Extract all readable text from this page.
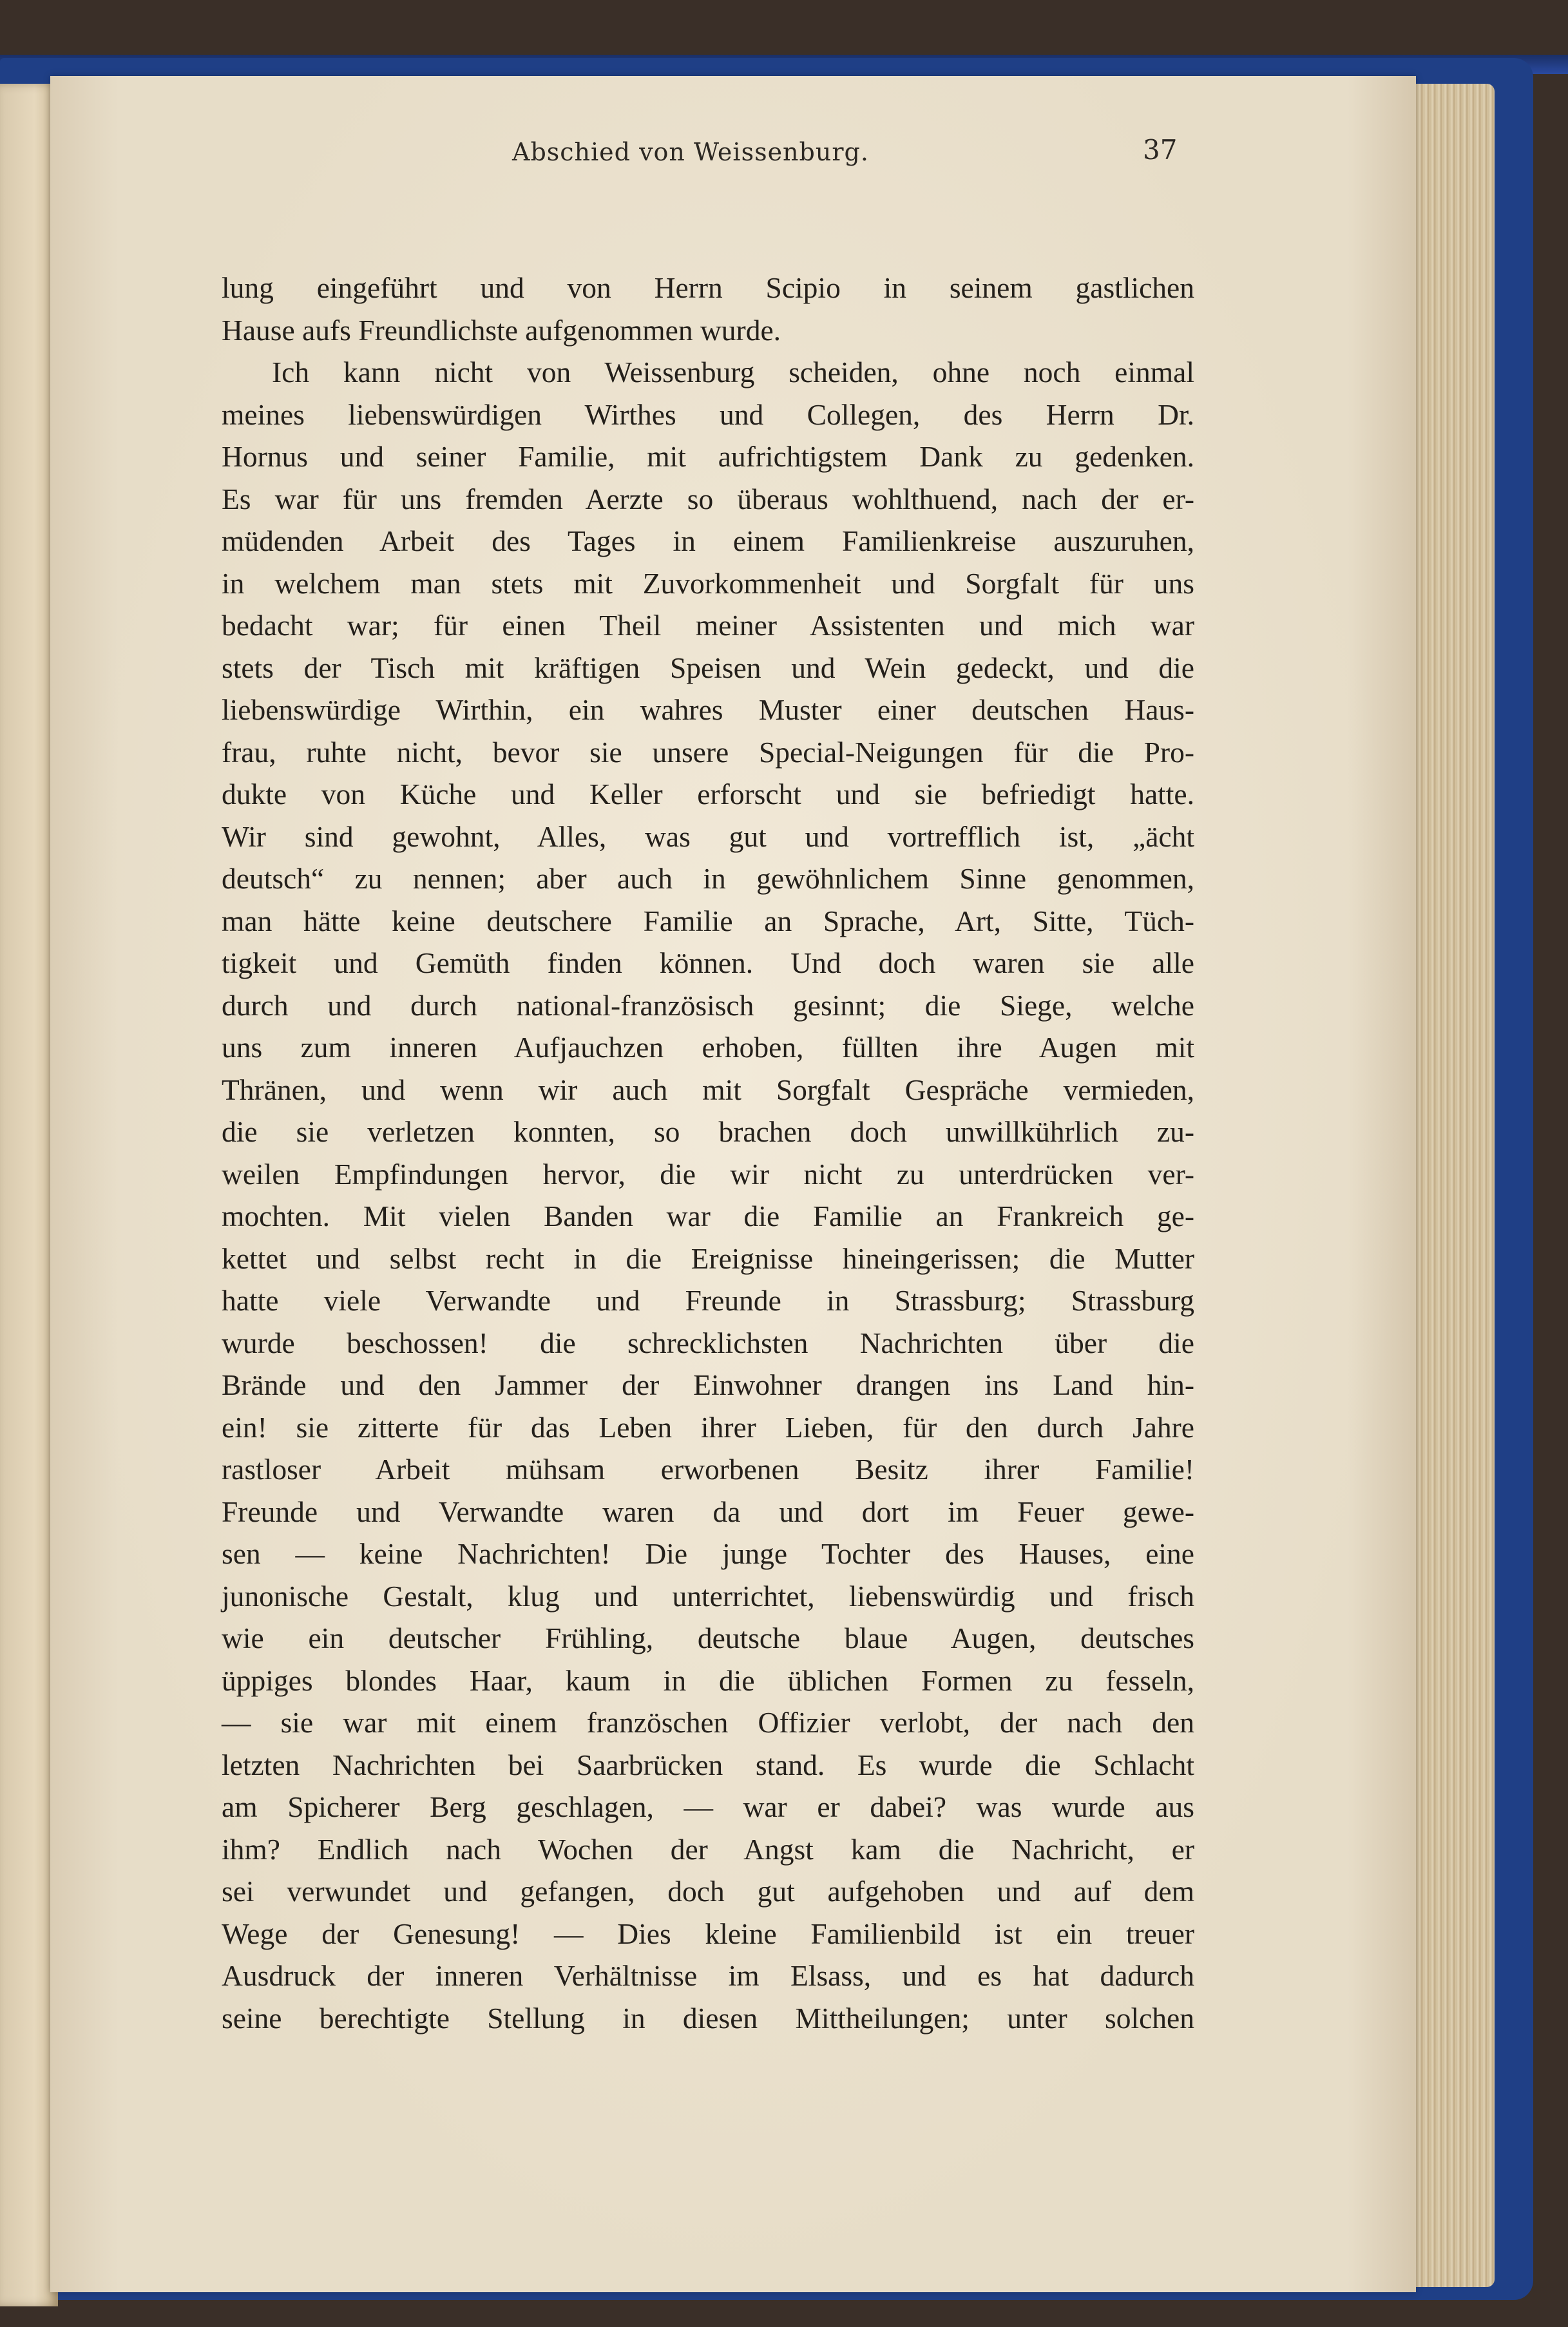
Abschied von Weissenburg.	37
lung eingeführt und von Herrn Scipio in seinem gastlichen
Hause aufs Freundlichste aufgenommen wurde.
Ich kann nicht von Weissenburg scheiden, ohne noch einmal
meines liebenswürdigen Wirthes und Collegen, des Herrn Dr.
Hornus und seiner Familie, mit aufrichtigstem Dank zu gedenken.
Es war für uns fremden Aerzte so überaus wohlthuend, nach der er-
müdenden Arbeit des Tages in einem Familienkreise auszuruhen,
in welchem man stets mit Zuvorkommenheit und Sorgfalt für uns
bedacht war; für einen Theil meiner Assistenten und mich war
stets der Tisch mit kräftigen Speisen und Wein gedeckt, und die
liebenswürdige Wirthin, ein wahres Muster einer deutschen Haus-
frau, ruhte nicht, bevor sie unsere Special-Neigungen für die Pro-
dukte von Küche und Keller erforscht und sie befriedigt hatte.
Wir sind gewohnt, Alles, was gut und vortrefflich ist, „ächt
deutsch“ zu nennen; aber auch in gewöhnlichem Sinne genommen,
man hätte keine deutschere Familie an Sprache, Art, Sitte, Tüch-
tigkeit und Gemüth finden können. Und doch waren sie alle
durch und durch national-französisch gesinnt; die Siege, welche
uns zum inneren Aufjauchzen erhoben, füllten ihre Augen mit
Thränen, und wenn wir auch mit Sorgfalt Gespräche vermieden,
die sie verletzen konnten, so brachen doch unwillkührlich zu-
weilen Empfindungen hervor, die wir nicht zu unterdrücken ver-
mochten. Mit vielen Banden war die Familie an Frankreich ge-
kettet und selbst recht in die Ereignisse hineingerissen; die Mutter
hatte viele Verwandte und Freunde in Strassburg; Strassburg
wurde beschossen! die schrecklichsten Nachrichten über die
Brände und den Jammer der Einwohner drangen ins Land hin-
ein! sie zitterte für das Leben ihrer Lieben, für den durch Jahre
rastloser Arbeit mühsam erworbenen Besitz ihrer Familie!
Freunde und Verwandte waren da und dort im Feuer gewe-
sen — keine Nachrichten! Die junge Tochter des Hauses, eine
junonische Gestalt, klug und unterrichtet, liebenswürdig und frisch
wie ein deutscher Frühling, deutsche blaue Augen, deutsches
üppiges blondes Haar, kaum in die üblichen Formen zu fesseln,
— sie war mit einem französchen Offizier verlobt, der nach den
letzten Nachrichten bei Saarbrücken stand. Es wurde die Schlacht
am Spicherer Berg geschlagen, — war er dabei? was wurde aus
ihm? Endlich nach Wochen der Angst kam die Nachricht, er
sei verwundet und gefangen, doch gut aufgehoben und auf dem
Wege der Genesung! — Dies kleine Familienbild ist ein treuer
Ausdruck der inneren Verhältnisse im Elsass, und es hat dadurch
seine berechtigte Stellung in diesen Mittheilungen; unter solchen
